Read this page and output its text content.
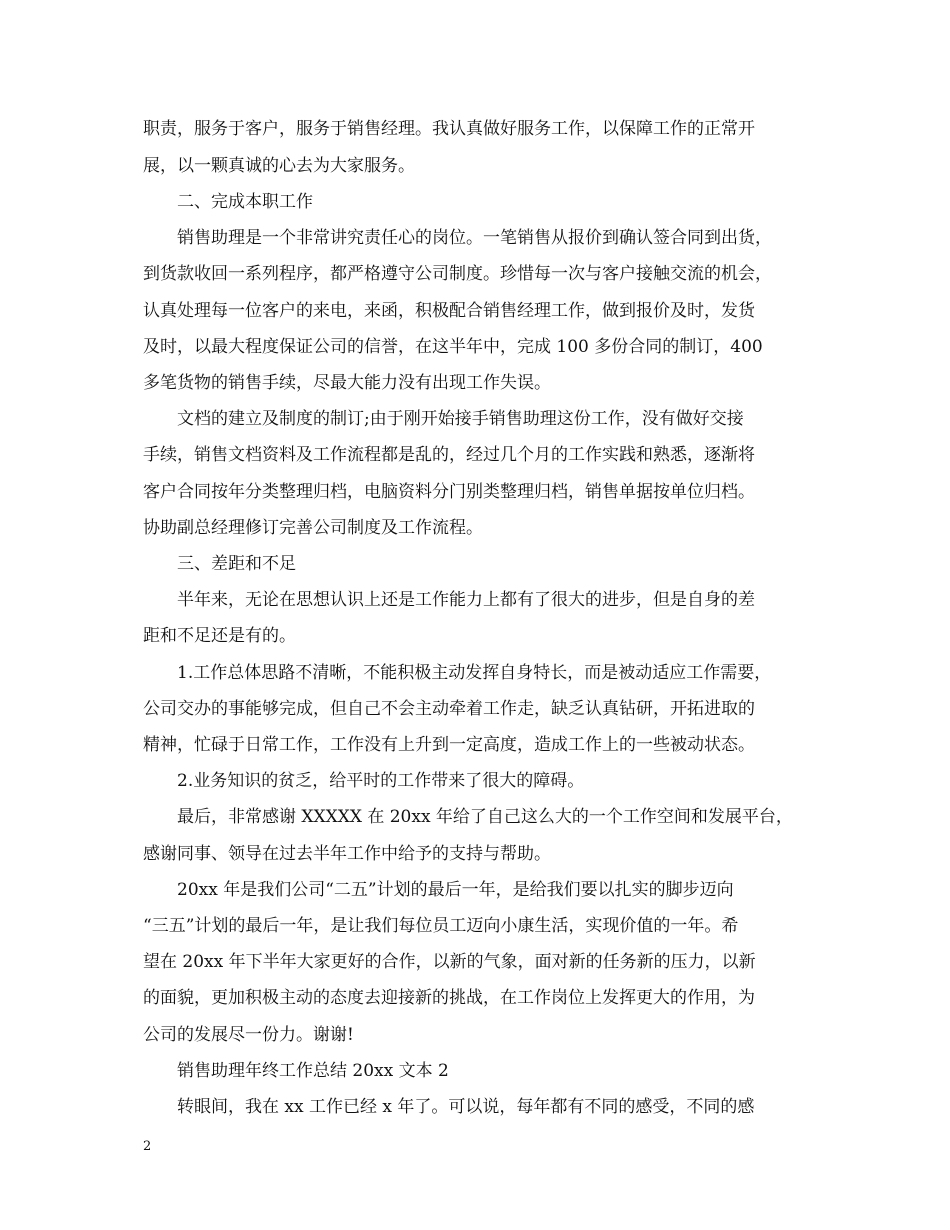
职责，服务于客户，服务于销售经理。我认真做好服务工作，以保障工作的正常开
展，以一颗真诚的心去为大家服务。
二、完成本职工作
销售助理是一个非常讲究责任心的岗位。一笔销售从报价到确认签合同到出货，
到货款收回一系列程序，都严格遵守公司制度。珍惜每一次与客户接触交流的机会，
认真处理每一位客户的来电，来函，积极配合销售经理工作，做到报价及时，发货
及时，以最大程度保证公司的信誉，在这半年中，完成 100 多份合同的制订，400
多笔货物的销售手续，尽最大能力没有出现工作失误。
文档的建立及制度的制订;由于刚开始接手销售助理这份工作，没有做好交接
手续，销售文档资料及工作流程都是乱的，经过几个月的工作实践和熟悉，逐渐将
客户合同按年分类整理归档，电脑资料分门别类整理归档，销售单据按单位归档。
协助副总经理修订完善公司制度及工作流程。
三、差距和不足
半年来，无论在思想认识上还是工作能力上都有了很大的进步，但是自身的差
距和不足还是有的。
1.工作总体思路不清晰，不能积极主动发挥自身特长，而是被动适应工作需要，
公司交办的事能够完成，但自己不会主动牵着工作走，缺乏认真钻研，开拓进取的
精神，忙碌于日常工作，工作没有上升到一定高度，造成工作上的一些被动状态。
2.业务知识的贫乏，给平时的工作带来了很大的障碍。
最后，非常感谢 XXXXX 在 20xx 年给了自己这么大的一个工作空间和发展平台，
感谢同事、领导在过去半年工作中给予的支持与帮助。
20xx 年是我们公司“二五”计划的最后一年，是给我们要以扎实的脚步迈向
“三五”计划的最后一年，是让我们每位员工迈向小康生活，实现价值的一年。希
望在 20xx 年下半年大家更好的合作，以新的气象，面对新的任务新的压力，以新
的面貌，更加积极主动的态度去迎接新的挑战，在工作岗位上发挥更大的作用，为
公司的发展尽一份力。谢谢!
销售助理年终工作总结 20xx 文本 2
转眼间，我在 xx 工作已经 x 年了。可以说，每年都有不同的感受，不同的感
2
